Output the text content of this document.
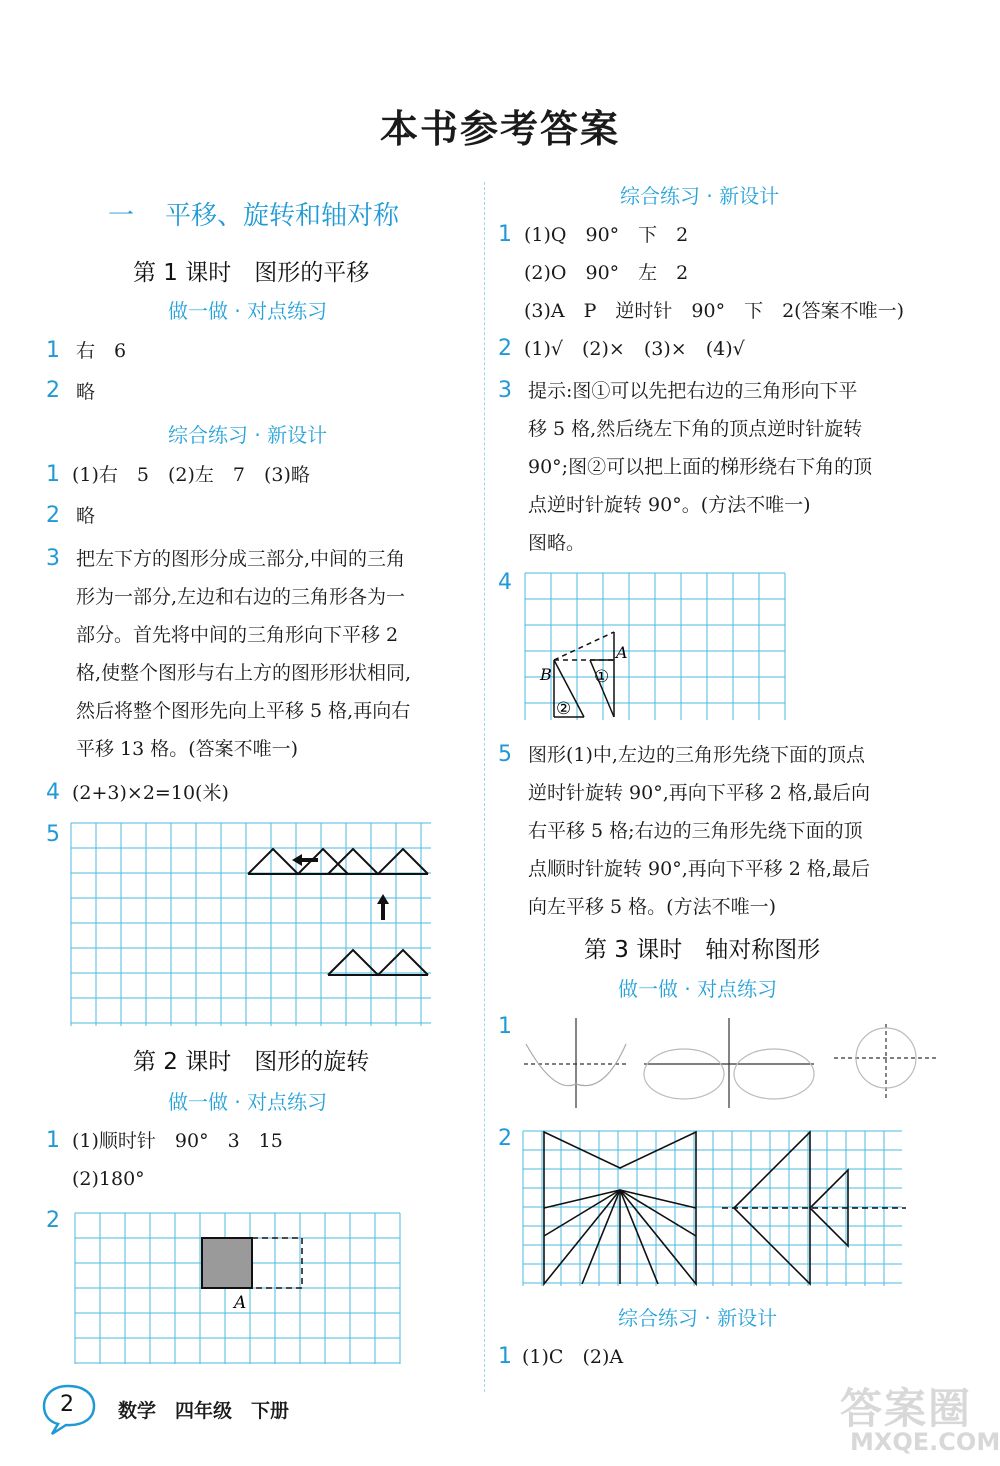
本书参考答案
一 平移、旋转和轴对称
第 1 课时　图形的平移
做一做 · 对点练习
1 右　6
2 略
综合练习 · 新设计
1 (1)右　5　(2)左　7　(3)略
2 略
3 把左下方的图形分成三部分,中间的三角
形为一部分,左边和右边的三角形各为一
部分。首先将中间的三角形向下平移 2
格,使整个图形与右上方的图形形状相同,
然后将整个图形先向上平移 5 格,再向右
平移 13 格。(答案不唯一)
4 (2+3)×2=10(米)
5
第 2 课时　图形的旋转
做一做 · 对点练习
1 (1)顺时针　90°　3　15
(2)180°
2
A
综合练习 · 新设计
1 (1)Q　90°　下　2
(2)O　90°　左　2
(3)A　P　逆时针　90°　下　2(答案不唯一)
2 (1)√　(2)×　(3)×　(4)√
3 提示:图①可以先把右边的三角形向下平
移 5 格,然后绕左下角的顶点逆时针旋转
90°;图②可以把上面的梯形绕右下角的顶
点逆时针旋转 90°。(方法不唯一)
图略。
4
A
B ①
②
5 图形(1)中,左边的三角形先绕下面的顶点
逆时针旋转 90°,再向下平移 2 格,最后向
右平移 5 格;右边的三角形先绕下面的顶
点顺时针旋转 90°,再向下平移 2 格,最后
向左平移 5 格。(方法不唯一)
第 3 课时　轴对称图形
做一做 · 对点练习
1
2
综合练习 · 新设计
1 (1)C　(2)A
2 数学　四年级　下册	答案圈
MXQE.COM
